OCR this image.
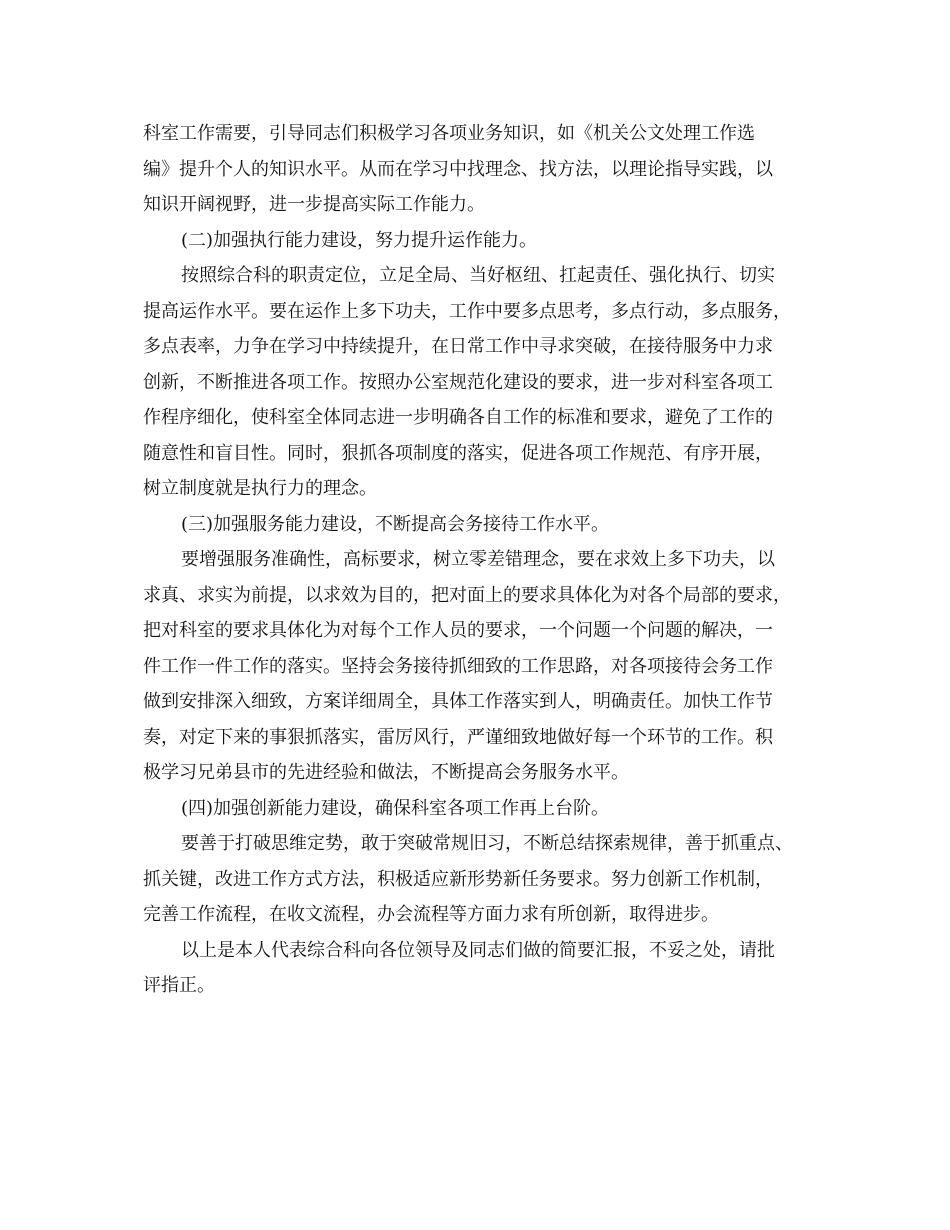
科室工作需要，引导同志们积极学习各项业务知识，如《机关公文处理工作选
编》提升个人的知识水平。从而在学习中找理念、找方法，以理论指导实践，以
知识开阔视野，进一步提高实际工作能力。

(二)加强执行能力建设，努力提升运作能力。

按照综合科的职责定位，立足全局、当好枢纽、扛起责任、强化执行、切实
提高运作水平。要在运作上多下功夫，工作中要多点思考，多点行动，多点服务，
多点表率，力争在学习中持续提升，在日常工作中寻求突破，在接待服务中力求
创新，不断推进各项工作。按照办公室规范化建设的要求，进一步对科室各项工
作程序细化，使科室全体同志进一步明确各自工作的标准和要求，避免了工作的
随意性和盲目性。同时，狠抓各项制度的落实，促进各项工作规范、有序开展，
树立制度就是执行力的理念。

(三)加强服务能力建设，不断提高会务接待工作水平。

要增强服务准确性，高标要求，树立零差错理念，要在求效上多下功夫，以
求真、求实为前提，以求效为目的，把对面上的要求具体化为对各个局部的要求，
把对科室的要求具体化为对每个工作人员的要求，一个问题一个问题的解决，一
件工作一件工作的落实。坚持会务接待抓细致的工作思路，对各项接待会务工作
做到安排深入细致，方案详细周全，具体工作落实到人，明确责任。加快工作节
奏，对定下来的事狠抓落实，雷厉风行，严谨细致地做好每一个环节的工作。积
极学习兄弟县市的先进经验和做法，不断提高会务服务水平。

(四)加强创新能力建设，确保科室各项工作再上台阶。

要善于打破思维定势，敢于突破常规旧习，不断总结探索规律，善于抓重点、
抓关键，改进工作方式方法，积极适应新形势新任务要求。努力创新工作机制，
完善工作流程，在收文流程，办会流程等方面力求有所创新，取得进步。

以上是本人代表综合科向各位领导及同志们做的简要汇报，不妥之处，请批
评指正。
